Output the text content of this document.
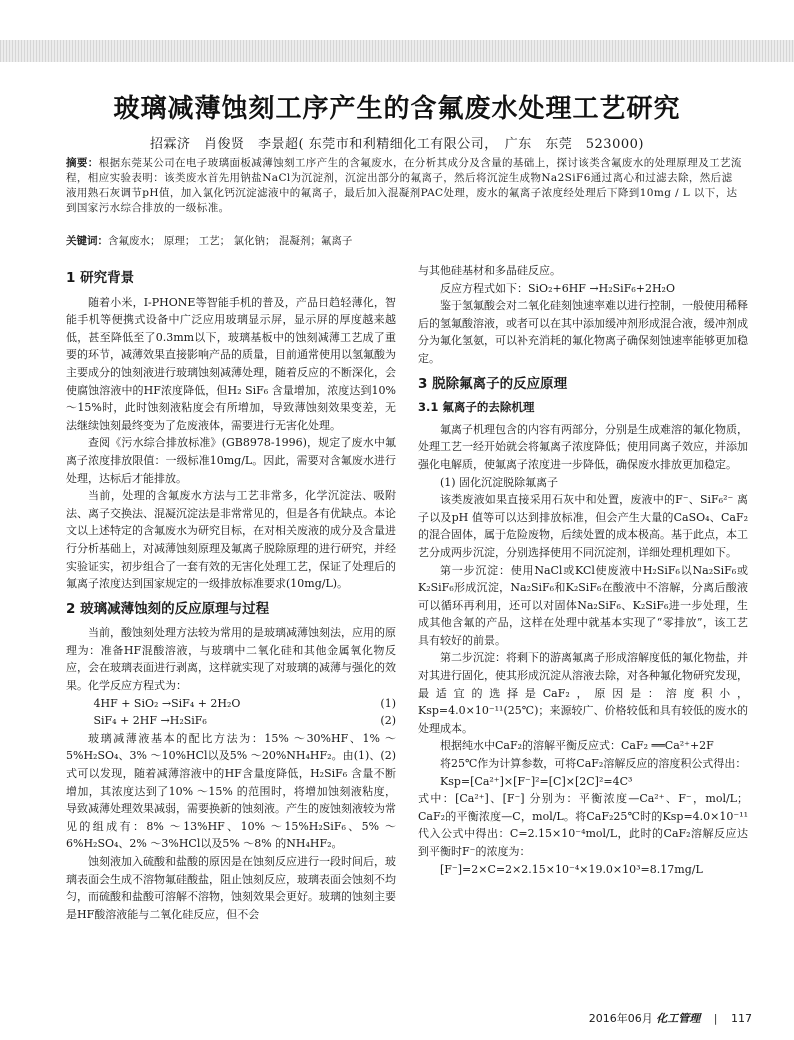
玻璃减薄蚀刻工序产生的含氟废水处理工艺研究
招霖济　肖俊贤　李景超( 东莞市和利精细化工有限公司，　广东　东莞　523000)
摘要：根据东莞某公司在电子玻璃面板减薄蚀刻工序产生的含氟废水，在分析其成分及含量的基础上，探讨该类含氟废水的处理原理及工艺流程，相应实验表明：该类废水首先用钠盐NaCl为沉淀剂，沉淀出部分的氟离子，然后将沉淀生成物Na2SiF6通过离心和过滤去除，然后滤液用熟石灰调节pH值，加入氯化钙沉淀滤液中的氟离子，最后加入混凝剂PAC处理，废水的氟离子浓度经处理后下降到10mg / L 以下，达到国家污水综合排放的一级标准。
关键词：含氟废水； 原理； 工艺； 氯化钠； 混凝剂；氟离子
1 研究背景

随着小米，I-PHONE等智能手机的普及，产品日趋轻薄化，智能手机等便携式设备中广泛应用玻璃显示屏，显示屏的厚度越来越低，甚至降低至了0.3mm以下，玻璃基板中的蚀刻减薄工艺成了重要的环节，减薄效果直接影响产品的质量，目前通常使用以氢氟酸为主要成分的蚀刻液进行玻璃蚀刻减薄处理，随着反应的不断深化，会使腐蚀溶液中的HF浓度降低，但H₂ SiF₆ 含量增加，浓度达到10% ～15%时，此时蚀刻液粘度会有所增加，导致薄蚀刻效果变差，无法继续蚀刻最终变为了危废液体，需要进行无害化处理。

查阅《污水综合排放标准》(GB8978-1996)，规定了废水中氟离子浓度排放限值：一级标准10mg/L。因此，需要对含氟废水进行处理，达标后才能排放。

当前，处理的含氟废水方法与工艺非常多，化学沉淀法、吸附法、离子交换法、混凝沉淀法是非常常见的，但是各有优缺点。本论文以上述特定的含氟废水为研究目标，在对相关废液的成分及含量进行分析基础上，对减薄蚀刻原理及氟离子脱除原理的进行研究，并经实验证实，初步组合了一套有效的无害化处理工艺，保证了处理后的氟离子浓度达到国家规定的一级排放标准要求(10mg/L)。

2 玻璃减薄蚀刻的反应原理与过程

当前，酸蚀刻处理方法较为常用的是玻璃减薄蚀刻法，应用的原理为：准备HF混酸溶液，与玻璃中二氧化硅和其他金属氧化物反应，会在玻璃表面进行剥离，这样就实现了对玻璃的减薄与强化的效果。化学反应方程式为：

4HF + SiO₂ →SiF₄ + 2H₂O	(1)
SiF₄ + 2HF →H₂SiF₆	(2)

玻璃减薄液基本的配比方法为：15% ～30%HF、1% ～5%H₂SO₄、3% ～10%HCl以及5% ～20%NH₄HF₂。由(1)、(2)式可以发现，随着减薄溶液中的HF含量度降低，H₂SiF₆ 含量不断增加，其浓度达到了10% ～15% 的范围时，将增加蚀刻液粘度，导致减薄处理效果减弱，需要换新的蚀刻液。产生的废蚀刻液较为常见的组成有：8% ～13%HF、10% ～15%H₂SiF₆、5% ～6%H₂SO₄、2% ～3%HCl以及5% ～8% 的NH₄HF₂。

蚀刻液加入硫酸和盐酸的原因是在蚀刻反应进行一段时间后，玻璃表面会生成不溶物氟硅酸盐，阻止蚀刻反应，玻璃表面会蚀刻不均匀，而硫酸和盐酸可溶解不溶物，蚀刻效果会更好。玻璃的蚀刻主要是HF酸溶液能与二氧化硅反应，但不会

与其他硅基材和多晶硅反应。

反应方程式如下：SiO₂+6HF →H₂SiF₆+2H₂O

鉴于氢氟酸会对二氧化硅刻蚀速率难以进行控制，一般使用稀释后的氢氟酸溶液，或者可以在其中添加缓冲剂形成混合液，缓冲剂成分为氟化氢氨，可以补充消耗的氟化物离子确保刻蚀速率能够更加稳定。

3 脱除氟离子的反应原理
3.1 氟离子的去除机理

氟离子机理包含的内容有两部分，分别是生成难溶的氟化物质，处理工艺一经开始就会将氟离子浓度降低；使用同离子效应，并添加强化电解质，使氟离子浓度进一步降低，确保废水排放更加稳定。

(1) 固化沉淀脱除氟离子

该类废液如果直接采用石灰中和处置，废液中的F⁻、SiF₆²⁻ 离子以及pH 值等可以达到排放标准，但会产生大量的CaSO₄、CaF₂的混合固体，属于危险废物，后续处置的成本极高。基于此点，本工艺分成两步沉淀，分别选择使用不同沉淀剂，详细处理机理如下。

第一步沉淀：使用NaCl或KCl使废液中H₂SiF₆以Na₂SiF₆或K₂SiF₆形成沉淀，Na₂SiF₆和K₂SiF₆在酸液中不溶解，分离后酸液可以循环再利用，还可以对固体Na₂SiF₆、K₂SiF₆进一步处理，生成其他含氟的产品，这样在处理中就基本实现了“零排放”，该工艺具有较好的前景。

第二步沉淀：将剩下的游离氟离子形成溶解度低的氟化物盐，并对其进行固化，使其形成沉淀从溶液去除，对各种氟化物研究发现，最适宜的选择是CaF₂，原因是：溶度积小，Ksp=4.0×10⁻¹¹(25℃)；来源较广、价格较低和具有较低的废水的处理成本。

根据纯水中CaF₂的溶解平衡反应式：CaF₂ ══Ca²⁺+2F

将25℃作为计算参数，可将CaF₂溶解反应的溶度积公式得出：

Ksp=[Ca²⁺]×[F⁻]²=[C]×[2C]²=4C³

式中：[Ca²⁺]、[F⁻] 分别为：平衡浓度—Ca²⁺、F⁻，mol/L；CaF₂的平衡浓度—C，mol/L。将CaF₂25℃时的Ksp=4.0×10⁻¹¹ 代入公式中得出：C=2.15×10⁻⁴mol/L，此时的CaF₂溶解反应达到平衡时F⁻的浓度为：

[F⁻]=2×C=2×2.15×10⁻⁴×19.0×10³=8.17mg/L
2016年06月 化工管理 | 117
